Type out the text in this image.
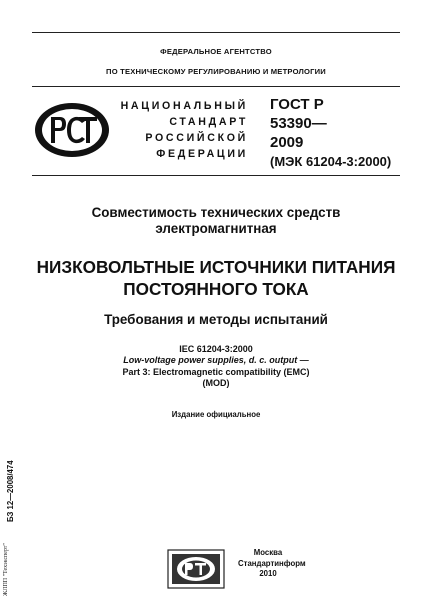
ФЕДЕРАЛЬНОЕ АГЕНТСТВО
ПО ТЕХНИЧЕСКОМУ РЕГУЛИРОВАНИЮ И МЕТРОЛОГИИ
НАЦИОНАЛЬНЫЙ
СТАНДАРТ
РОССИЙСКОЙ
ФЕДЕРАЦИИ
ГОСТ Р
53390—
2009
(МЭК 61204-3:2000)
Совместимость технических средств
электромагнитная
НИЗКОВОЛЬТНЫЕ ИСТОЧНИКИ ПИТАНИЯ
ПОСТОЯННОГО ТОКА
Требования и методы испытаний
IEC 61204-3:2000
Low-voltage power supplies, d. c. output —
Part 3: Electromagnetic compatibility (EMC)
(MOD)
Издание официальное
БЗ 12—2008/474
ЖЛПП "Техэксперт"	Москва
Стандартинформ
2010
